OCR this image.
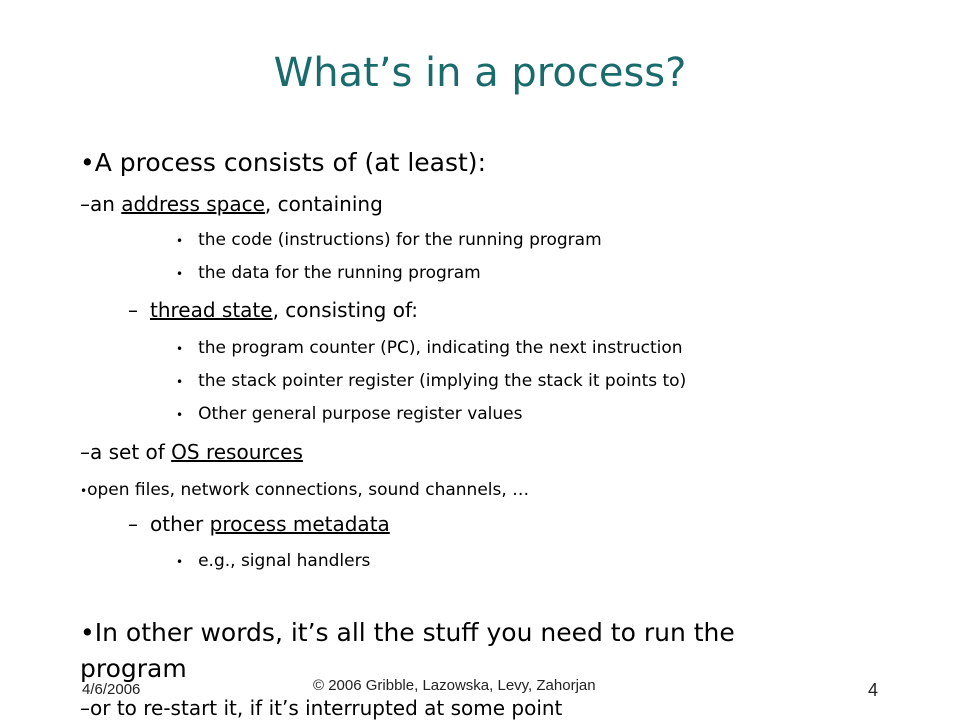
What’s in a process?
•A process consists of (at least):
–an address space, containing
• the code (instructions) for the running program
• the data for the running program
– thread state, consisting of:
• the program counter (PC), indicating the next instruction
• the stack pointer register (implying the stack it points to)
• Other general purpose register values
–a set of OS resources
•open files, network connections, sound channels, …
– other process metadata
• e.g., signal handlers
•In other words, it’s all the stuff you need to run the
program
4/6/2006	© 2006 Gribble, Lazowska, Levy, Zahorjan	4
–or to re-start it, if it’s interrupted at some point
